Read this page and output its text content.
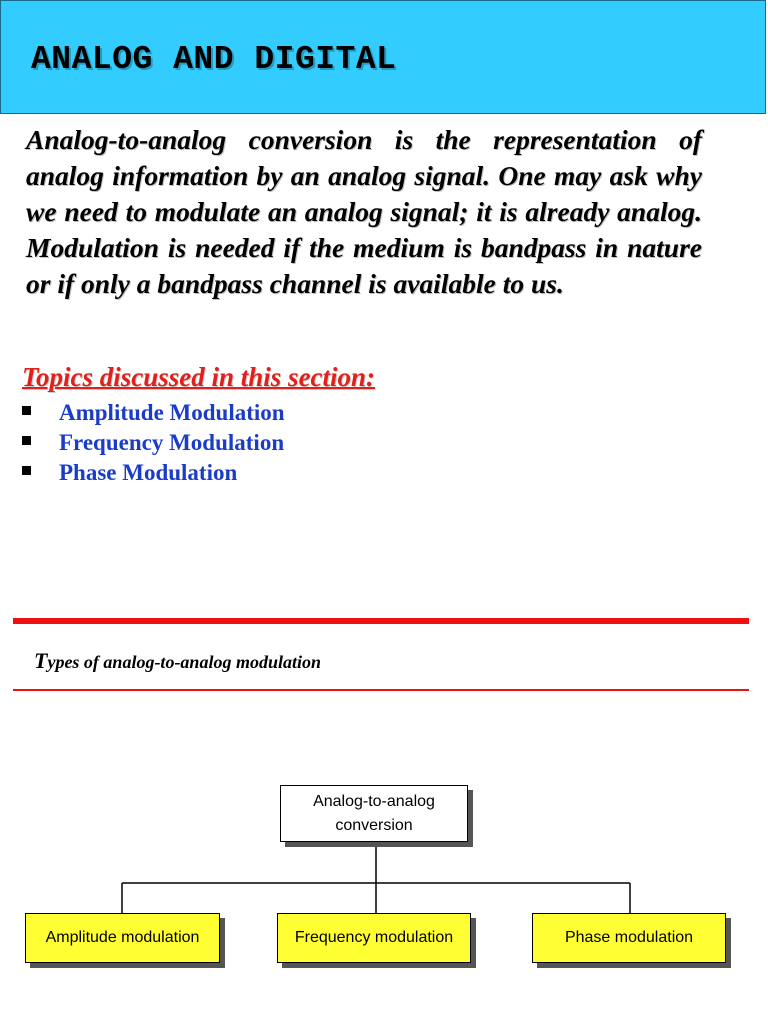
ANALOG AND DIGITAL
Analog-to-analog conversion is the representation of analog information by an analog signal. One may ask why we need to modulate an analog signal; it is already analog. Modulation is needed if the medium is bandpass in nature or if only a bandpass channel is available to us.
Topics discussed in this section:
Amplitude Modulation
Frequency Modulation
Phase Modulation
Types of analog-to-analog modulation
Analog-to-analog conversion
Amplitude modulation	Frequency modulation	Phase modulation
